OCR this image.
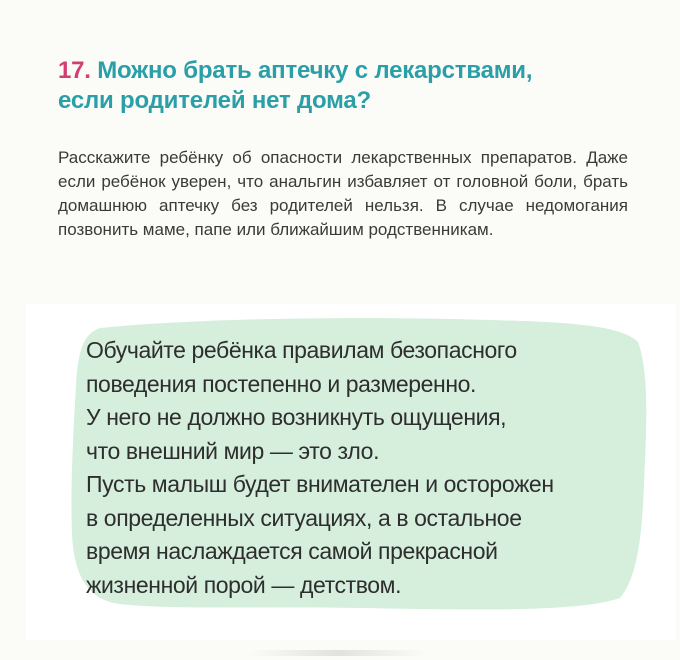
17. Можно брать аптечку с лекарствами,
если родителей нет дома?
Расскажите ребёнку об опасности лекарственных препаратов. Даже если ребёнок уверен, что анальгин избавляет от головной боли, брать домашнюю аптечку без родителей нельзя. В случае недомогания позвонить маме, папе или ближайшим родственникам.
Обучайте ребёнка правилам безопасного
поведения постепенно и размеренно.
У него не должно возникнуть ощущения,
что внешний мир — это зло.
Пусть малыш будет внимателен и осторожен
в определенных ситуациях, а в остальное
время наслаждается самой прекрасной
жизненной порой — детством.
